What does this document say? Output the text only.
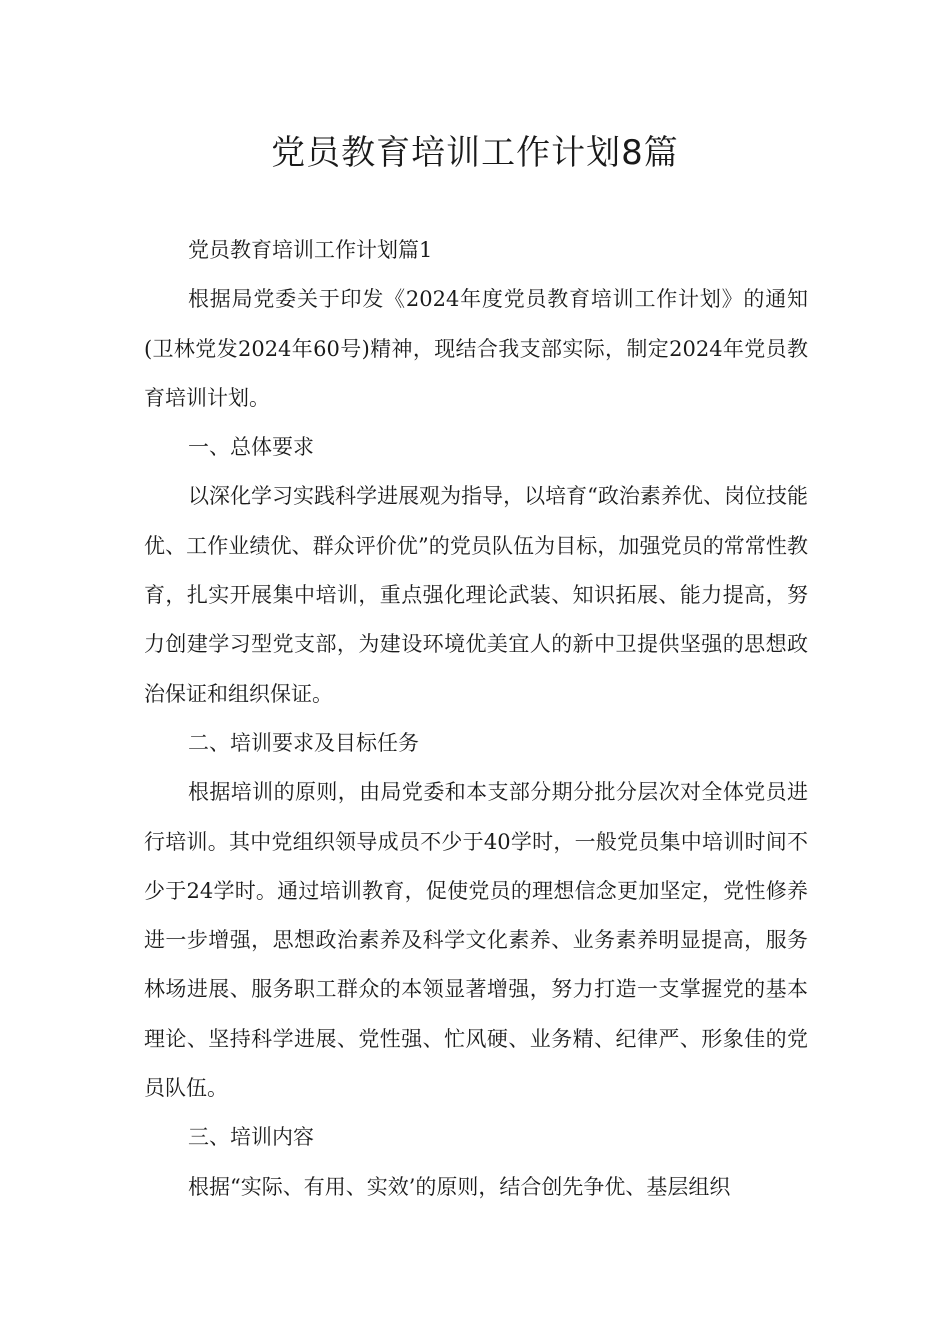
党员教育培训工作计划8篇

党员教育培训工作计划篇1

根据局党委关于印发《2024年度党员教育培训工作计划》的通知(卫林党发2024年60号)精神，现结合我支部实际，制定2024年党员教育培训计划。

一、总体要求

以深化学习实践科学进展观为指导，以培育“政治素养优、岗位技能优、工作业绩优、群众评价优”的党员队伍为目标，加强党员的常常性教育，扎实开展集中培训，重点强化理论武装、知识拓展、能力提高，努力创建学习型党支部，为建设环境优美宜人的新中卫提供坚强的思想政治保证和组织保证。

二、培训要求及目标任务

根据培训的原则，由局党委和本支部分期分批分层次对全体党员进行培训。其中党组织领导成员不少于40学时，一般党员集中培训时间不少于24学时。通过培训教育，促使党员的理想信念更加坚定，党性修养进一步增强，思想政治素养及科学文化素养、业务素养明显提高，服务林场进展、服务职工群众的本领显著增强，努力打造一支掌握党的基本理论、坚持科学进展、党性强、忙风硬、业务精、纪律严、形象佳的党员队伍。

三、培训内容

根据“实际、有用、实效’的原则，结合创先争优、基层组织
